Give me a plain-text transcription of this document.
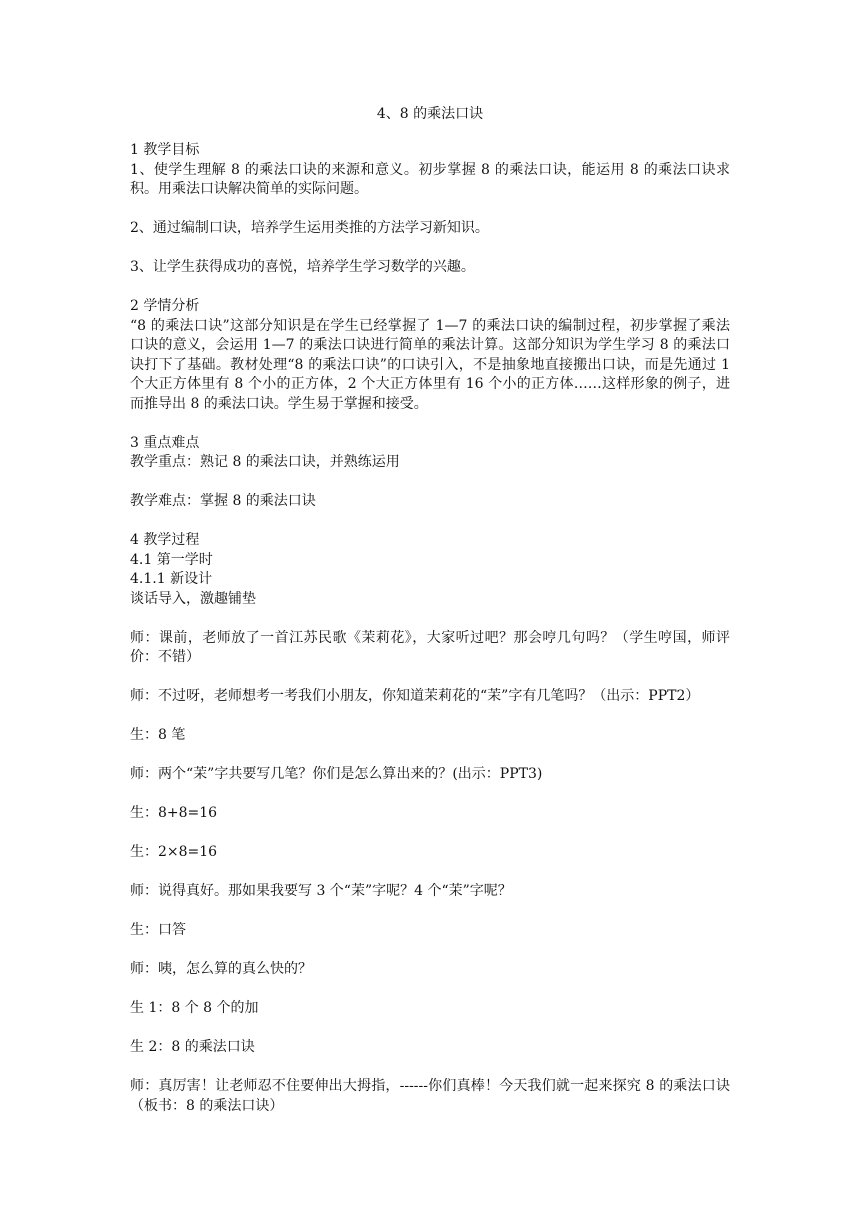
4、8 的乘法口诀

1 教学目标

1、使学生理解 8 的乘法口诀的来源和意义。初步掌握 8 的乘法口诀，能运用 8 的乘法口诀求积。用乘法口诀解决简单的实际问题。

2、通过编制口诀，培养学生运用类推的方法学习新知识。

3、让学生获得成功的喜悦，培养学生学习数学的兴趣。

2 学情分析

“8 的乘法口诀”这部分知识是在学生已经掌握了 1—7 的乘法口诀的编制过程，初步掌握了乘法口诀的意义，会运用 1—7 的乘法口诀进行简单的乘法计算。这部分知识为学生学习 8 的乘法口诀打下了基础。教材处理“8 的乘法口诀”的口诀引入，不是抽象地直接搬出口诀，而是先通过 1 个大正方体里有 8 个小的正方体，2 个大正方体里有 16 个小的正方体……这样形象的例子，进而推导出 8 的乘法口诀。学生易于掌握和接受。

3 重点难点

教学重点：熟记 8 的乘法口诀，并熟练运用

教学难点：掌握 8 的乘法口诀

4 教学过程

4.1 第一学时

4.1.1 新设计

谈话导入，激趣铺垫

师：课前，老师放了一首江苏民歌《茉莉花》，大家听过吧？那会哼几句吗？（学生哼国，师评价：不错）

师：不过呀，老师想考一考我们小朋友，你知道茉莉花的“茉”字有几笔吗？（出示：PPT2）

生：8 笔

师：两个“茉”字共要写几笔？你们是怎么算出来的？(出示：PPT3)

生：8+8=16

生：2×8=16

师：说得真好。那如果我要写 3 个“茉”字呢？4 个“茉”字呢？

生：口答

师：咦，怎么算的真么快的？

生 1：8 个 8 个的加

生 2：8 的乘法口诀

师：真厉害！让老师忍不住要伸出大拇指，------你们真棒！今天我们就一起来探究 8 的乘法口诀（板书：8 的乘法口诀）
